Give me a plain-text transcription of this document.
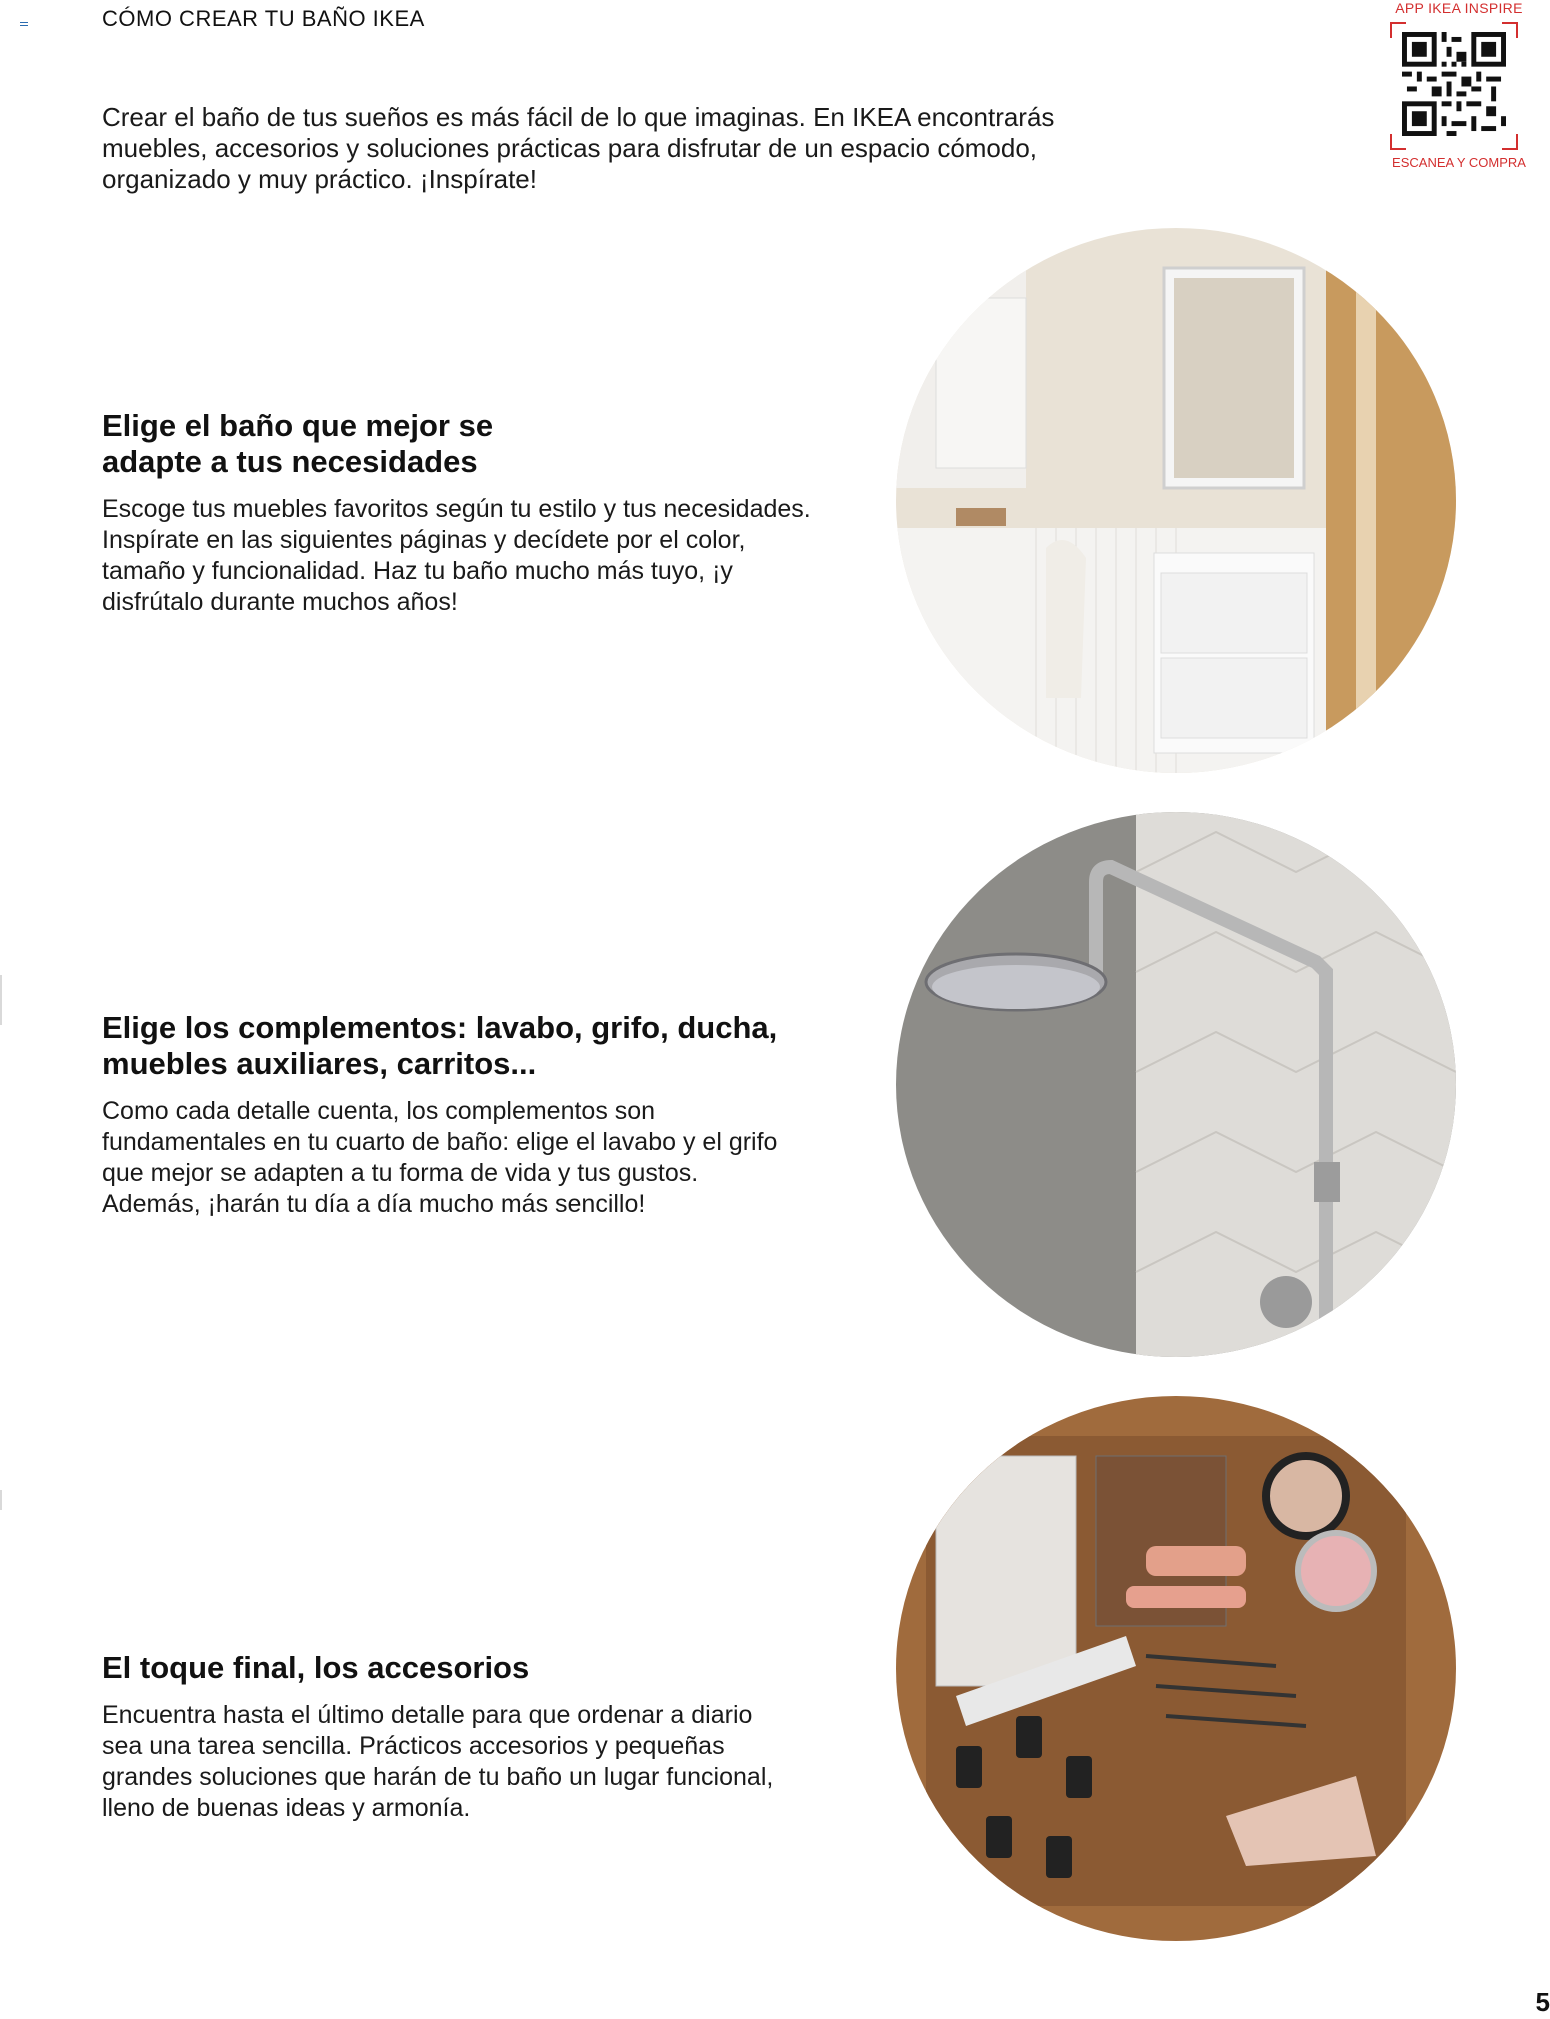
CÓMO CREAR TU BAÑO IKEA
Crear el baño de tus sueños es más fácil de lo que imaginas. En IKEA encontrarás muebles, accesorios y soluciones prácticas para disfrutar de un espacio cómodo, organizado y muy práctico. ¡Inspírate!
APP IKEA INSPIRE
ESCANEA Y COMPRA
Elige el baño que mejor se adapte a tus necesidades
Escoge tus muebles favoritos según tu estilo y tus necesidades. Inspírate en las siguientes páginas y decídete por el color, tamaño y funcionalidad. Haz tu baño mucho más tuyo, ¡y disfrútalo durante muchos años!
Elige los complementos: lavabo, grifo, ducha, muebles auxiliares, carritos...
Como cada detalle cuenta, los complementos son fundamentales en tu cuarto de baño: elige el lavabo y el grifo que mejor se adapten a tu forma de vida y tus gustos. Además, ¡harán tu día a día mucho más sencillo!
El toque final, los accesorios
Encuentra hasta el último detalle para que ordenar a diario sea una tarea sencilla. Prácticos accesorios y pequeñas grandes soluciones que harán de tu baño un lugar funcional, lleno de buenas ideas y armonía.
5
